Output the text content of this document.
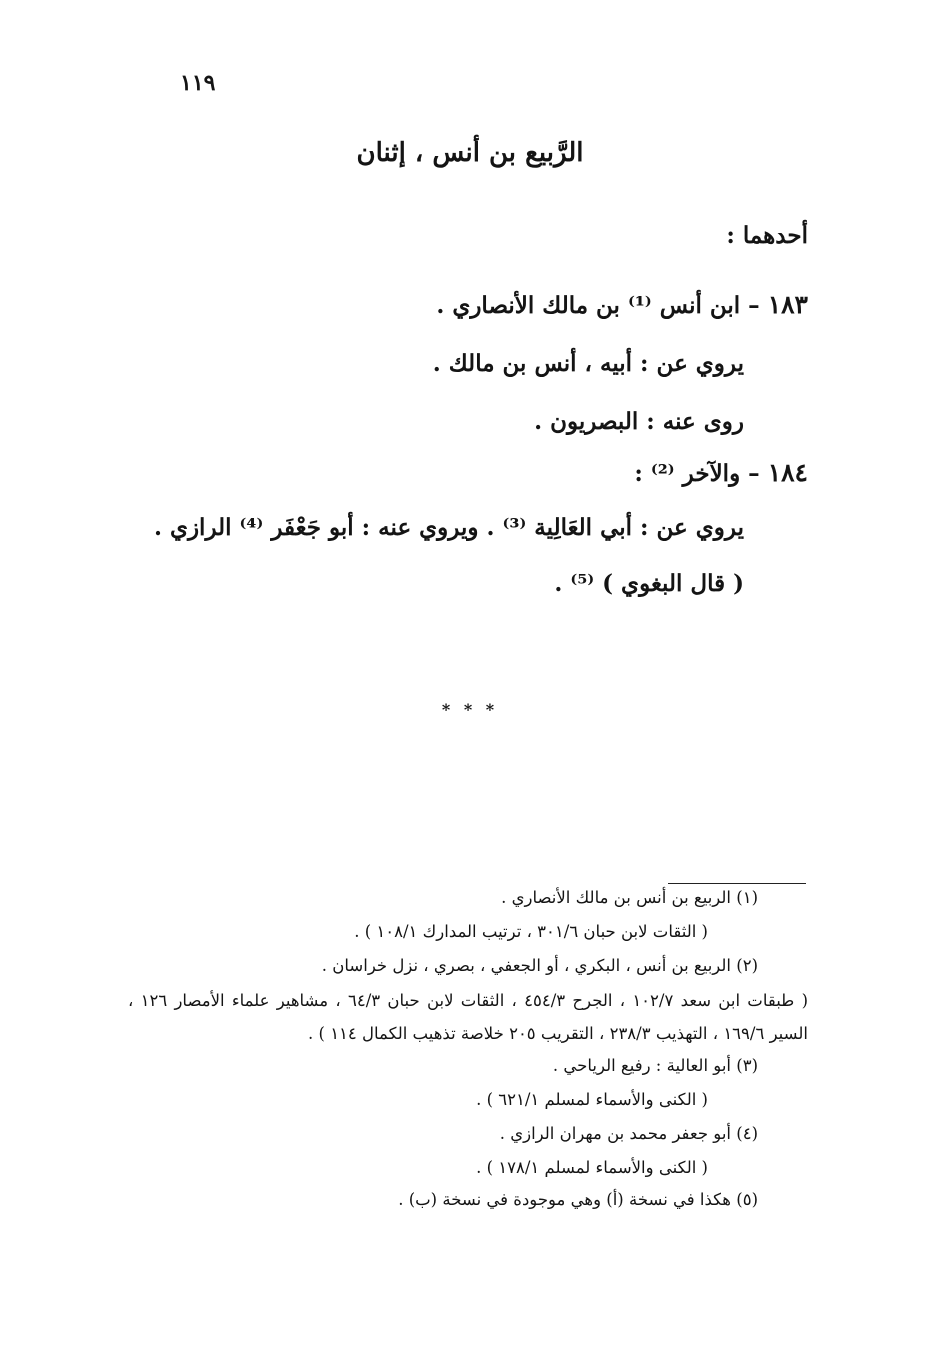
١١٩
الرَّبيع بن أنس ، إثنان
أحدهما :
١٨٣ – ابن أنس ⁽¹⁾ بن مالك الأنصاري .
يروي عن : أبيه ، أنس بن مالك .
روى عنه : البصريون .
١٨٤ – والآخر ⁽²⁾ :
يروي عن : أبي العَالِية ⁽³⁾ . ويروي عنه : أبو جَعْفَر ⁽⁴⁾ الرازي .
( قال البغوي ) ⁽⁵⁾ .
* * *
(١) الربيع بن أنس بن مالك الأنصاري .
( الثقات لابن حبان ٣٠١/٦ ، ترتيب المدارك ١٠٨/١ ) .
(٢) الربيع بن أنس ، البكري ، أو الجعفي ، بصري ، نزل خراسان .
( طبقات ابن سعد ١٠٢/٧ ، الجرح ٤٥٤/٣ ، الثقات لابن حبان ٦٤/٣ ، مشاهير علماء الأمصار ١٢٦ ، السير ١٦٩/٦ ، التهذيب ٢٣٨/٣ ، التقريب ٢٠٥ خلاصة تذهيب الكمال ١١٤ ) .
(٣) أبو العالية : رفيع الرياحي .
( الكنى والأسماء لمسلم ٦٢١/١ ) .
(٤) أبو جعفر محمد بن مهران الرازي .
( الكنى والأسماء لمسلم ١٧٨/١ ) .
(٥) هكذا في نسخة (أ) وهي موجودة في نسخة (ب) .
